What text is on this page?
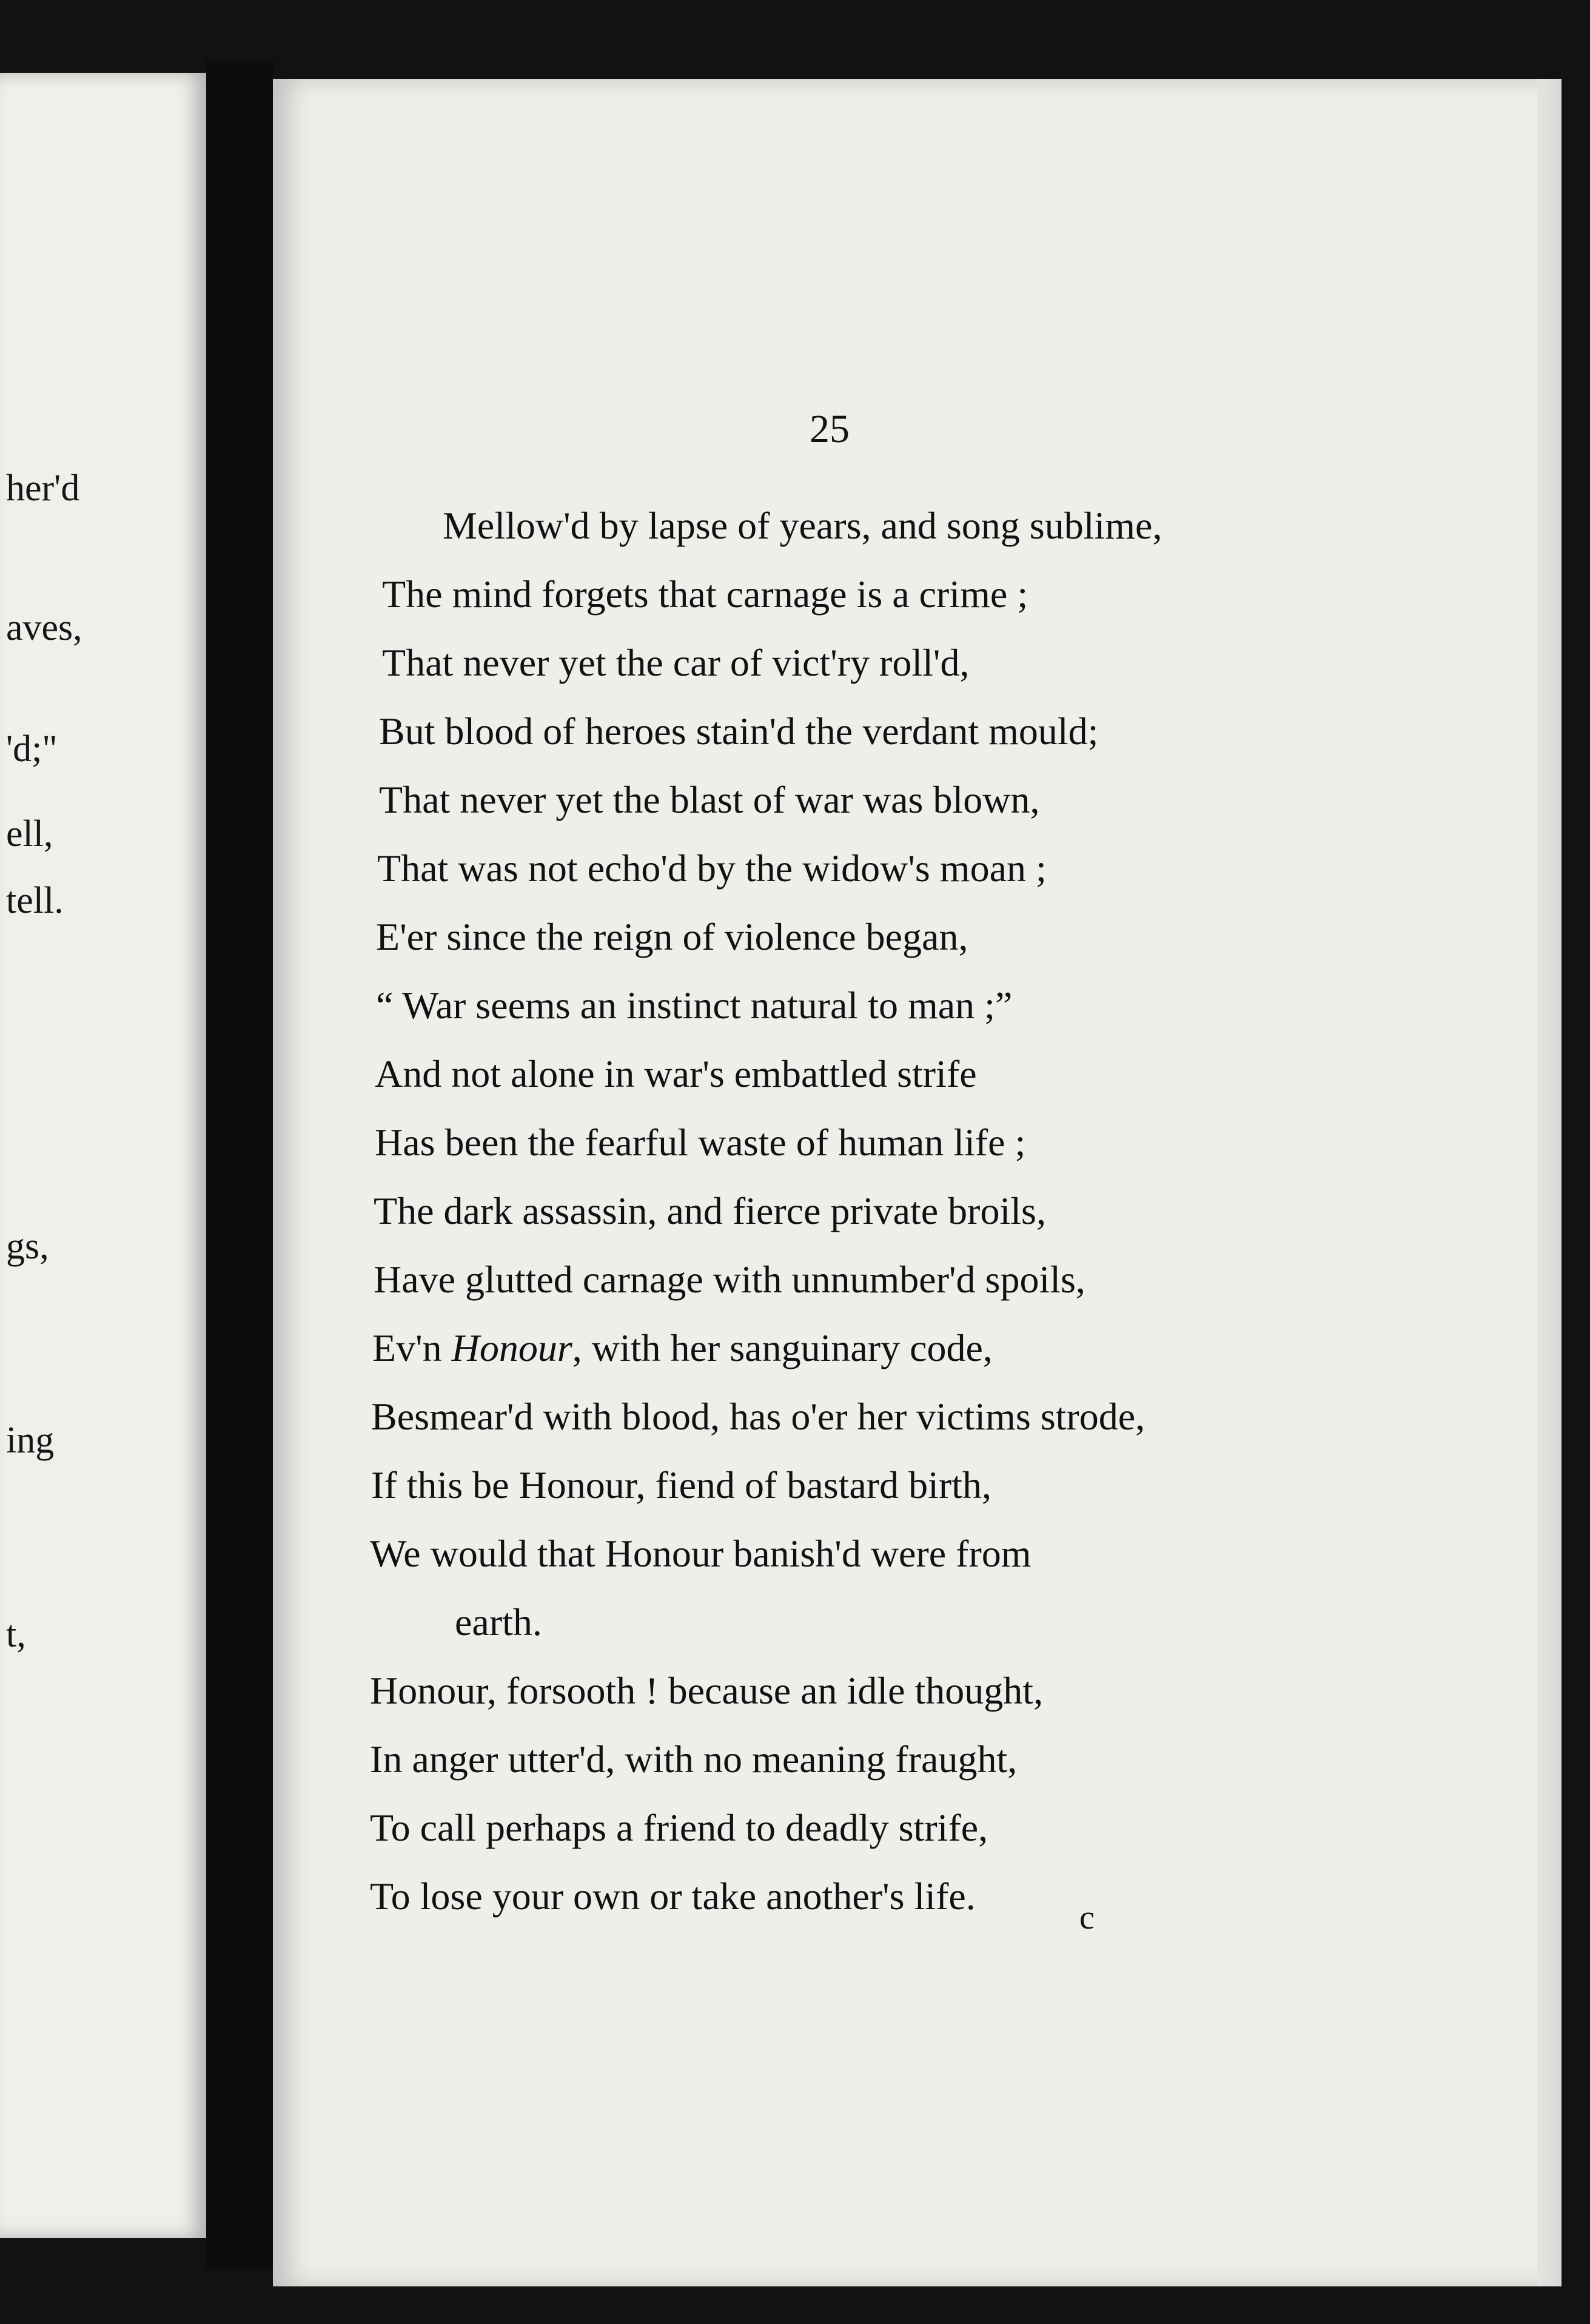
her'd
aves,
'd;"
ell,
tell.
gs,
ing
t,
25
Mellow'd by lapse of years, and song sublime,
The mind forgets that carnage is a crime ;
That never yet the car of vict'ry roll'd,
But blood of heroes stain'd the verdant mould;
That never yet the blast of war was blown,
That was not echo'd by the widow's moan ;
E'er since the reign of violence began,
“ War seems an instinct natural to man ;”
And not alone in war's embattled strife
Has been the fearful waste of human life ;
The dark assassin, and fierce private broils,
Have glutted carnage with unnumber'd spoils,
Ev'n Honour, with her sanguinary code,
Besmear'd with blood, has o'er her victims strode,
If this be Honour, fiend of bastard birth,
We would that Honour banish'd were from
earth.
Honour, forsooth ! because an idle thought,
In anger utter'd, with no meaning fraught,
To call perhaps a friend to deadly strife,
To lose your own or take another's life.	c
